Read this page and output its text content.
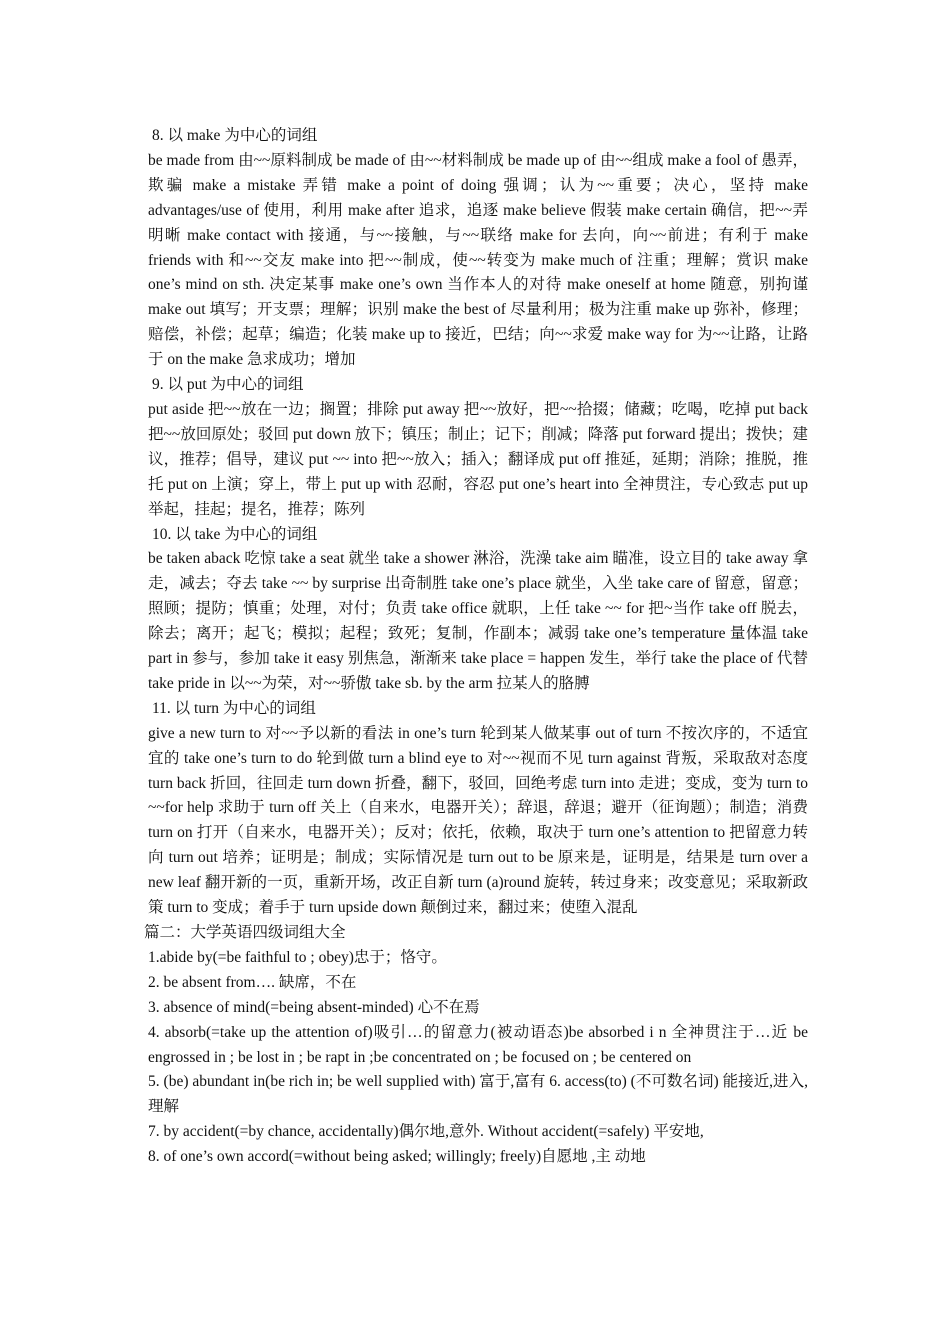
8. 以 make 为中心的词组

be made from 由~~原料制成 be made of 由~~材料制成 be made up of 由~~组成 make a fool of 愚弄，欺骗 make a mistake 弄错 make a point of doing 强调；认为~~重要；决心，坚持 make advantages/use of 使用，利用 make after 追求，追逐 make believe 假装 make certain 确信，把~~弄明晰 make contact with 接通，与~~接触，与~~联络 make for 去向，向~~前进；有利于 make friends with 和~~交友 make into 把~~制成，使~~转变为 make much of 注重；理解；赏识 make one’s mind on sth. 决定某事 make one’s own 当作本人的对待 make oneself at home 随意，别拘谨 make out 填写；开支票；理解；识别 make the best of 尽量利用；极为注重 make up 弥补，修理；赔偿，补偿；起草；编造；化装 make up to 接近，巴结；向~~求爱 make way for 为~~让路，让路于 on the make 急求成功；增加

9. 以 put 为中心的词组

put aside 把~~放在一边；搁置；排除 put away 把~~放好，把~~拾掇；储藏；吃喝，吃掉 put back 把~~放回原处；驳回 put down 放下；镇压；制止；记下；削减；降落 put forward 提出；拨快；建议，推荐；倡导，建议 put ~~ into 把~~放入；插入；翻译成 put off 推延，延期；消除；推脱，推托 put on 上演；穿上，带上 put up with 忍耐，容忍 put one’s heart into 全神贯注，专心致志 put up 举起，挂起；提名，推荐；陈列

10. 以 take 为中心的词组

be taken aback 吃惊 take a seat 就坐 take a shower 淋浴，洗澡 take aim 瞄准，设立目的 take away 拿走，减去；夺去 take ~~ by surprise 出奇制胜 take one’s place 就坐，入坐 take care of 留意，留意；照顾；提防；慎重；处理，对付；负责 take office 就职，上任 take ~~ for 把~当作 take off 脱去，除去；离开；起飞；模拟；起程；致死；复制，作副本；减弱 take one’s temperature 量体温 take part in 参与，参加 take it easy 别焦急，渐渐来 take place = happen 发生，举行 take the place of 代替 take pride in 以~~为荣，对~~骄傲 take sb. by the arm 拉某人的胳膊

11. 以 turn 为中心的词组

give a new turn to 对~~予以新的看法 in one’s turn 轮到某人做某事 out of turn 不按次序的，不适宜宜的 take one’s turn to do 轮到做 turn a blind eye to 对~~视而不见 turn against 背叛，采取敌对态度 turn back 折回，往回走 turn down 折叠，翻下，驳回，回绝考虑 turn into 走进；变成，变为 turn to ~~for help 求助于 turn off 关上（自来水，电器开关）；辞退，辞退；避开（征询题）；制造；消费 turn on 打开（自来水，电器开关）；反对；依托，依赖，取决于 turn one’s attention to 把留意力转向 turn out 培养；证明是；制成；实际情况是 turn out to be 原来是，证明是，结果是 turn over a new leaf 翻开新的一页，重新开场，改正自新 turn (a)round 旋转，转过身来；改变意见；采取新政策 turn to 变成；着手于 turn upside down 颠倒过来，翻过来；使堕入混乱

篇二：大学英语四级词组大全

1.abide by(=be faithful to ; obey)忠于；恪守。

2. be absent from…. 缺席，不在

3. absence of mind(=being absent-minded) 心不在焉

4. absorb(=take up the attention of)吸引…的留意力(被动语态)be absorbed i n 全神贯注于…近 be engrossed in ; be lost in ; be rapt in ;be concentrated on ; be focused on ; be centered on

5. (be) abundant in(be rich in; be well supplied with) 富于,富有 6. access(to) (不可数名词) 能接近,进入,理解

7. by accident(=by chance, accidentally)偶尔地,意外. Without accident(=safely) 平安地,

8. of one’s own accord(=without being asked; willingly; freely)自愿地 ,主 动地
